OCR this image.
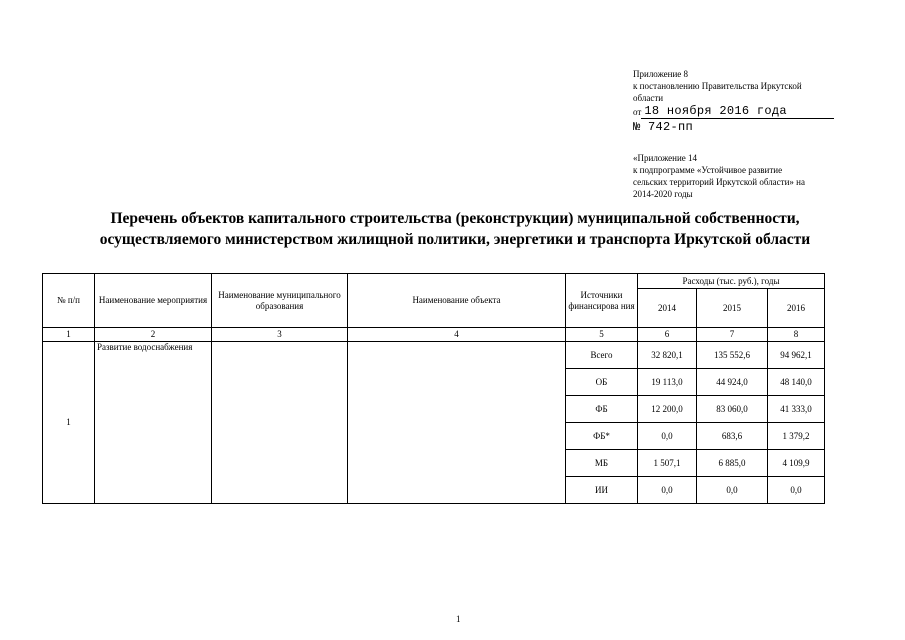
Приложение 8
к постановлению Правительства Иркутской
области
от 18 ноября 2016 года
№ 742-пп
«Приложение 14
к подпрограмме «Устойчивое развитие
сельских территорий Иркутской области» на
2014-2020 годы
Перечень объектов капитального строительства (реконструкции) муниципальной собственности,
осуществляемого министерством жилищной политики, энергетики и транспорта Иркутской области
№ п/п	Наименование мероприятия	Наименование муниципального образования	Наименование объекта	Источники финансирова ния	Расходы (тыс. руб.), годы		
					2014	2015	2016
1	2	3	4	5	6	7	8
1	Развитие водоснабжения			Всего	32 820,1	135 552,6	94 962,1
				ОБ	19 113,0	44 924,0	48 140,0
				ФБ	12 200,0	83 060,0	41 333,0
				ФБ*	0,0	683,6	1 379,2
				МБ	1 507,1	6 885,0	4 109,9
				ИИ	0,0	0,0	0,0
1
